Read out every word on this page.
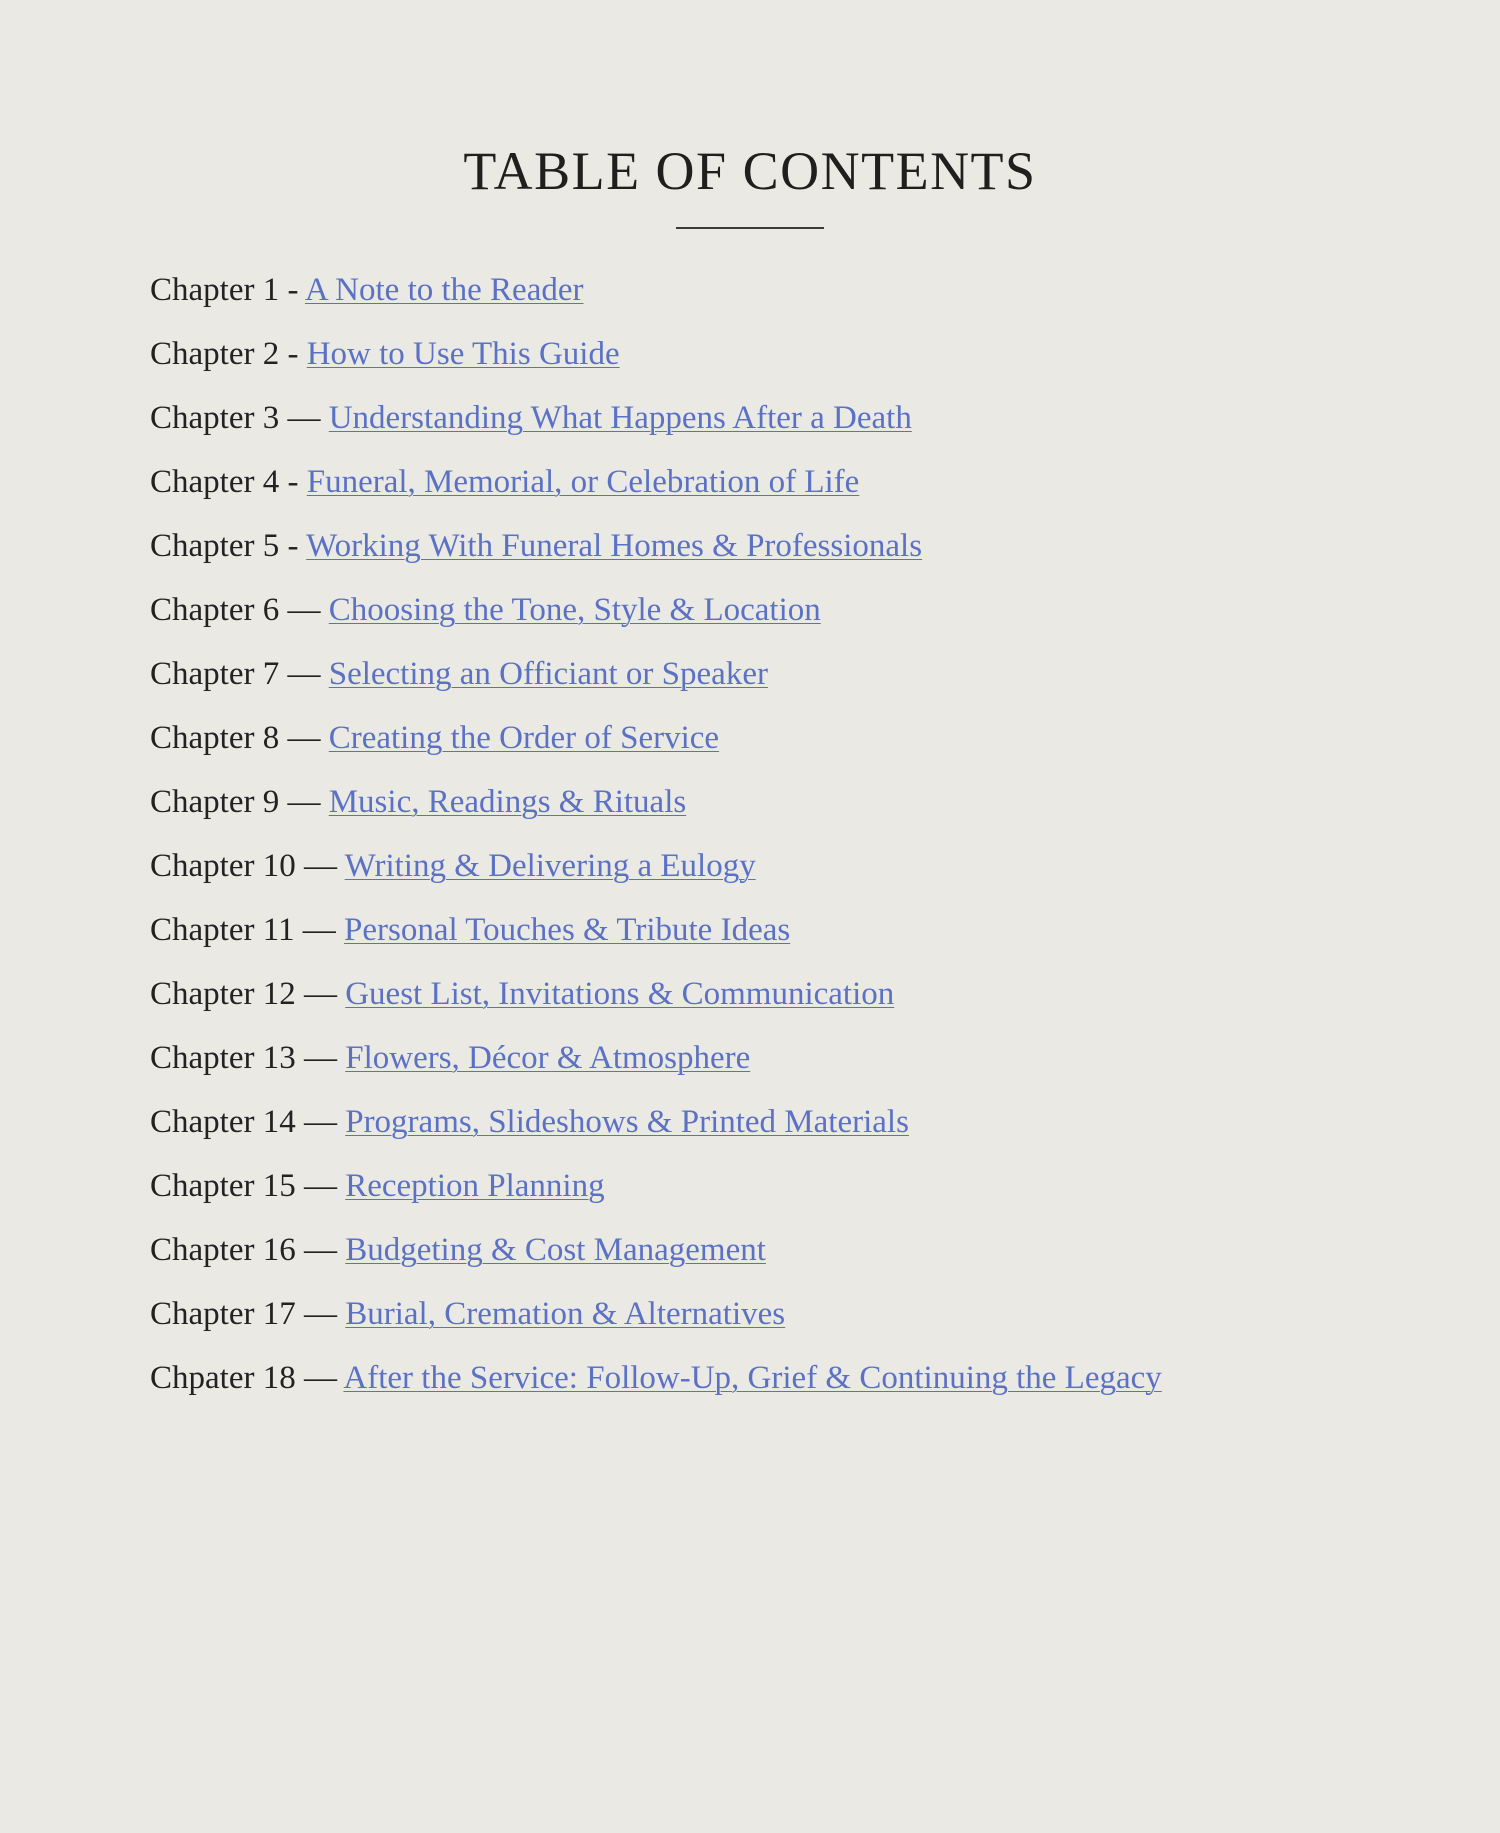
TABLE OF CONTENTS
Chapter 1 - A Note to the Reader
Chapter 2 - How to Use This Guide
Chapter 3 — Understanding What Happens After a Death
Chapter 4 - Funeral, Memorial, or Celebration of Life
Chapter 5 - Working With Funeral Homes & Professionals
Chapter 6 — Choosing the Tone, Style & Location
Chapter 7 — Selecting an Officiant or Speaker
Chapter 8 — Creating the Order of Service
Chapter 9 — Music, Readings & Rituals
Chapter 10 — Writing & Delivering a Eulogy
Chapter 11 — Personal Touches & Tribute Ideas
Chapter 12 — Guest List, Invitations & Communication
Chapter 13 — Flowers, Décor & Atmosphere
Chapter 14 — Programs, Slideshows & Printed Materials
Chapter 15 — Reception Planning
Chapter 16 — Budgeting & Cost Management
Chapter 17 — Burial, Cremation & Alternatives
Chpater 18 — After the Service: Follow-Up, Grief & Continuing the Legacy
